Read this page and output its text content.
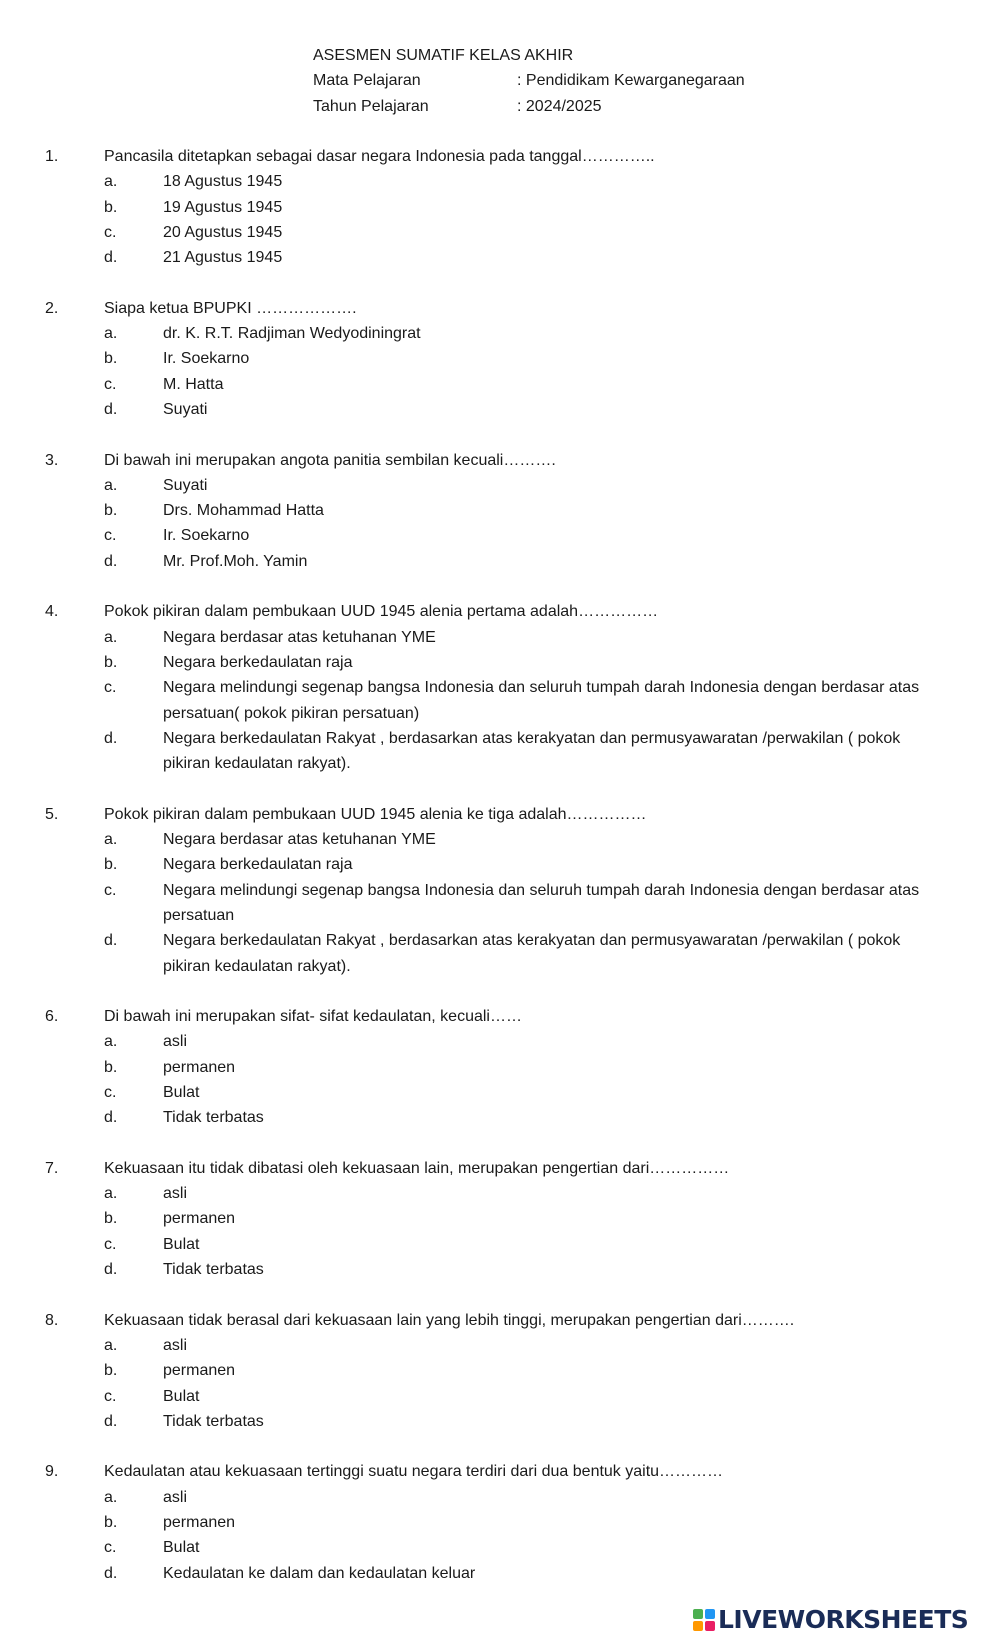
ASESMEN SUMATIF KELAS AKHIR
Mata Pelajaran	: Pendidikam Kewarganegaraan
Tahun Pelajaran	: 2024/2025
1.	Pancasila ditetapkan sebagai dasar negara Indonesia pada tanggal…………..
a.	18 Agustus 1945
b.	19 Agustus 1945
c.	20 Agustus 1945
d.	21 Agustus 1945
2.	Siapa ketua BPUPKI ……………….
a.	dr. K. R.T. Radjiman Wedyodiningrat
b.	Ir. Soekarno
c.	M. Hatta
d.	Suyati
3.	Di bawah ini merupakan angota panitia sembilan kecuali……….
a.	Suyati
b.	Drs. Mohammad Hatta
c.	Ir. Soekarno
d.	Mr. Prof.Moh. Yamin
4.	Pokok pikiran dalam pembukaan UUD 1945 alenia pertama adalah……………
a.	Negara berdasar atas ketuhanan YME
b.	Negara berkedaulatan raja
c.	Negara melindungi segenap bangsa Indonesia dan seluruh tumpah darah Indonesia dengan berdasar atas persatuan( pokok pikiran persatuan)
d.	Negara berkedaulatan Rakyat , berdasarkan atas kerakyatan dan permusyawaratan /perwakilan ( pokok pikiran kedaulatan rakyat).
5.	Pokok pikiran dalam pembukaan UUD 1945 alenia ke tiga adalah……………
a.	Negara berdasar atas ketuhanan YME
b.	Negara berkedaulatan raja
c.	Negara melindungi segenap bangsa Indonesia dan seluruh tumpah darah Indonesia dengan berdasar atas persatuan
d.	Negara berkedaulatan Rakyat , berdasarkan atas kerakyatan dan permusyawaratan /perwakilan ( pokok pikiran kedaulatan rakyat).
6.	Di bawah ini merupakan sifat- sifat kedaulatan, kecuali……
a.	asli
b.	permanen
c.	Bulat
d.	Tidak terbatas
7.	Kekuasaan itu tidak dibatasi oleh kekuasaan lain, merupakan pengertian dari……………
a.	asli
b.	permanen
c.	Bulat
d.	Tidak terbatas
8.	Kekuasaan tidak berasal dari kekuasaan lain yang lebih tinggi, merupakan pengertian dari……….
a.	asli
b.	permanen
c.	Bulat
d.	Tidak terbatas
9.	Kedaulatan atau kekuasaan tertinggi suatu negara terdiri dari dua bentuk yaitu…………
a.	asli
b.	permanen
c.	Bulat
d.	Kedaulatan ke dalam dan kedaulatan keluar
LIVEWORKSHEETS
